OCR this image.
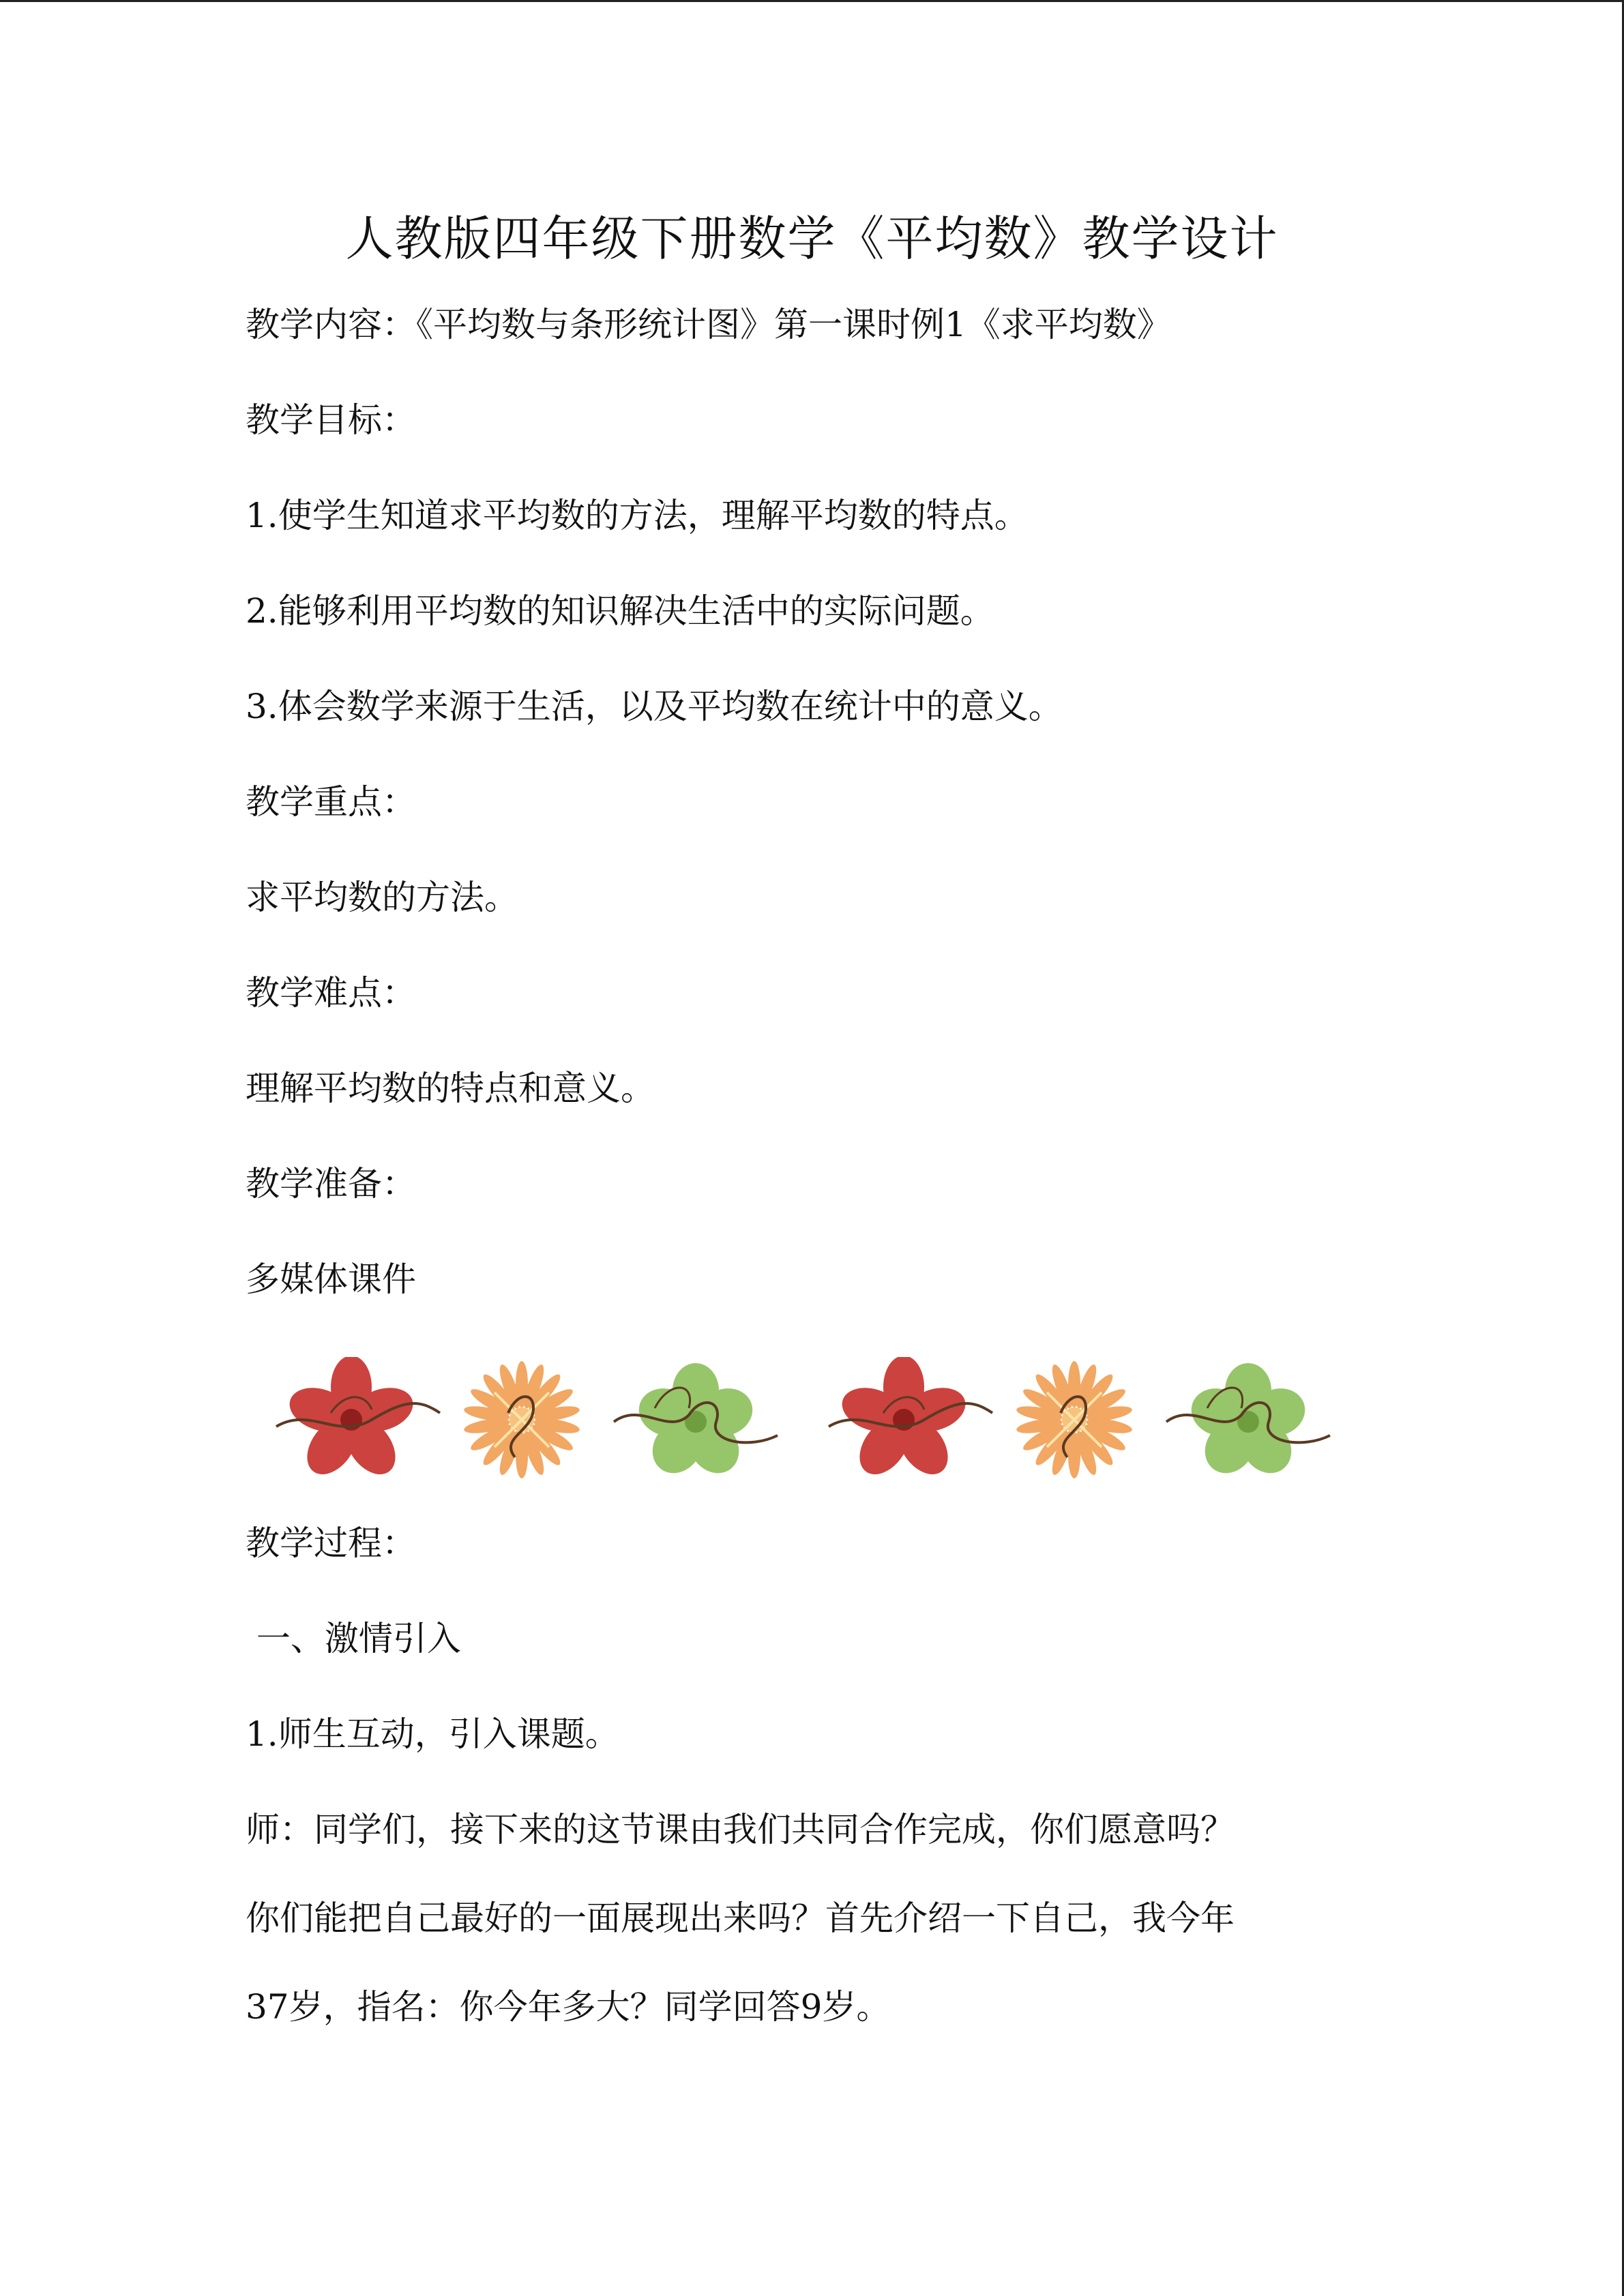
人教版四年级下册数学《平均数》教学设计
教学内容：《平均数与条形统计图》第一课时例1《求平均数》
教学目标：
1.使学生知道求平均数的方法，理解平均数的特点。
2.能够利用平均数的知识解决生活中的实际问题。
3.体会数学来源于生活，以及平均数在统计中的意义。
教学重点：
求平均数的方法。
教学难点：
理解平均数的特点和意义。
教学准备：
多媒体课件
教学过程：
一、激情引入
1.师生互动，引入课题。
师：同学们，接下来的这节课由我们共同合作完成，你们愿意吗？
你们能把自己最好的一面展现出来吗？首先介绍一下自己，我今年
37岁，指名：你今年多大？同学回答9岁。
